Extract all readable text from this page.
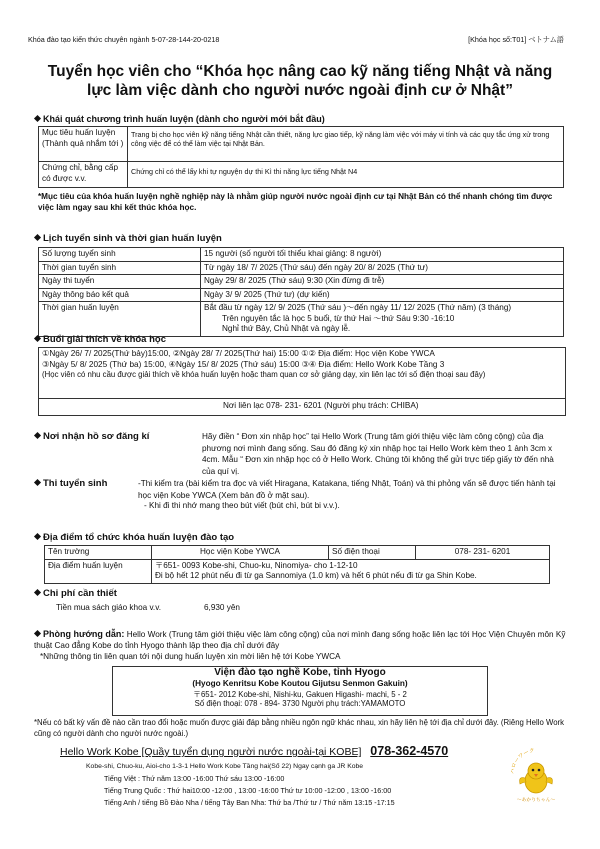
Khóa đào tạo kiến thức chuyên ngành 5-07-28-144-20-0218	[Khóa học số:T01] ベトナム語
Tuyển học viên cho “Khóa học nâng cao kỹ năng tiếng Nhật và năng lực làm việc dành cho người nước ngoài định cư ở Nhật”
Khái quát chương trình huấn luyện (dành cho người mới bắt đầu)
Mục tiêu huấn luyện
(Thành quả nhắm tới )	Trang bị cho học viên kỹ năng tiếng Nhật cần thiết, năng lực giao tiếp, kỹ năng làm việc với máy vi tính và các quy tắc ứng xử trong công việc để có thể làm việc tại Nhật Bản.
Chứng chỉ, bằng cấp có được v.v.	Chứng chỉ có thể lấy khi tự nguyện dự thi Kì thi năng lực tiếng Nhật N4
*Mục tiêu của khóa huấn luyện nghề nghiệp này là nhằm giúp người nước ngoài định cư tại Nhật Bản có thể nhanh chóng tìm được việc làm ngay sau khi kết thúc khóa học.
Lịch tuyển sinh và thời gian huấn luyện
Số lượng tuyển sinh	15 người (số người tối thiểu khai giảng: 8 người)
Thời gian tuyển sinh	Từ ngày 18/ 7/ 2025 (Thứ sáu) đến ngày 20/ 8/ 2025 (Thứ tư)
Ngày thi tuyển	Ngày 29/ 8/ 2025 (Thứ sáu) 9:30 (Xin đừng đi trễ)
Ngày thông báo kết quả	Ngày 3/ 9/ 2025 (Thứ tư) (dự kiến)
Thời gian huấn luyện	Bắt đầu từ ngày 12/ 9/ 2025 (Thứ sáu )～đến ngày 11/ 12/ 2025 (Thứ năm) (3 tháng)
Trên nguyên tắc là học 5 buổi, từ thứ Hai ～thứ Sáu 9:30 -16:10
Nghỉ thứ Bảy, Chủ Nhật và ngày lễ.
Buổi giải thích về khóa học
①Ngày 26/ 7/ 2025(Thứ bảy)15:00, ②Ngày 28/ 7/ 2025(Thứ hai) 15:00 ①② Địa điểm: Học viện Kobe YWCA
③Ngày 5/ 8/ 2025 (Thứ ba) 15:00, ④Ngày 15/ 8/ 2025 (Thứ sáu) 15:00 ③④ Địa điểm: Hello Work Kobe Tầng 3
(Học viên có nhu cầu được giải thích về khóa huấn luyện hoặc tham quan cơ sở giảng dạy, xin liên lạc tới số điện thoại sau đây)
Nơi liên lạc 078- 231- 6201 (Người phụ trách: CHIBA)
Nơi nhận hồ sơ đăng kí	Hãy điền “ Đơn xin nhập học” tại Hello Work (Trung tâm giới thiệu việc làm công cộng) của địa phương nơi mình đang sống. Sau đó đăng ký xin nhập học tại Hello Work kèm theo 1 ảnh 3cm x 4cm. Mẫu “ Đơn xin nhập học có ở Hello Work. Chúng tôi không thể gửi trực tiếp giấy tờ đến nhà của quí vị.
Thi tuyển sinh	-Thi kiểm tra (bài kiểm tra đọc và viết Hiragana, Katakana, tiếng Nhật, Toán) và thi phỏng vấn sẽ được tiến hành tại học viện Kobe YWCA (Xem bản đồ ở mặt sau).
- Khi đi thi nhớ mang theo bút viết (bút chì, bút bi v.v.).
Địa điểm tổ chức khóa huấn luyện đào tạo
Tên trường	Học viện Kobe YWCA	Số điện thoại	078- 231- 6201
Địa điểm huấn luyện	〒651- 0093 Kobe-shi, Chuo-ku, Ninomiya- cho 1-12-10
Đi bộ hết 12 phút nếu đi từ ga Sannomiya (1.0 km) và hết 6 phút nếu đi từ ga Shin Kobe.		
Chi phí cần thiết
Tiền mua sách giáo khoa v.v.	6,930 yên
Phòng hướng dẫn: Hello Work (Trung tâm giới thiệu việc làm công cộng) của nơi mình đang sống hoặc liên lạc tới Học Viện Chuyên môn Kỹ thuật Cao đẳng Kobe do tỉnh Hyogo thành lập theo địa chỉ dưới đây
*Những thông tin liên quan tới nội dung huấn luyện xin mời liên hệ tới Kobe YWCA
Viện đào tạo nghề Kobe, tỉnh Hyogo
(Hyogo Kenritsu Kobe Koutou Gijutsu Senmon Gakuin)
〒651- 2012 Kobe-shi, Nishi-ku, Gakuen Higashi- machi, 5 - 2
Số điện thoại: 078 - 894- 3730 Người phụ trách:YAMAMOTO
*Nếu có bất kỳ vấn đề nào cần trao đổi hoặc muốn được giải đáp bằng nhiều ngôn ngữ khác nhau, xin hãy liên hệ tới địa chỉ dưới đây. (Riêng Hello Work cũng có người dành cho người nước ngoài.)
Hello Work Kobe [Quầy tuyển dụng người nước ngoài-tại KOBE] 078-362-4570
Kobe-shi, Chuo-ku, Aioi-cho 1-3-1 Hello Work Kobe Tầng hai(Số 22) Ngay cạnh ga JR Kobe
Tiếng Việt : Thứ năm 13:00 -16:00 Thứ sáu 13:00 -16:00
Tiếng Trung Quốc : Thứ hai10:00 -12:00 , 13:00 -16:00 Thứ tư 10:00 -12:00 , 13:00 -16:00
Tiếng Anh / tiếng Bồ Đào Nha / tiếng Tây Ban Nha: Thứ ba /Thứ tư / Thứ năm 13:15 -17:15
ハローワーク
〜あかりちゃん〜
